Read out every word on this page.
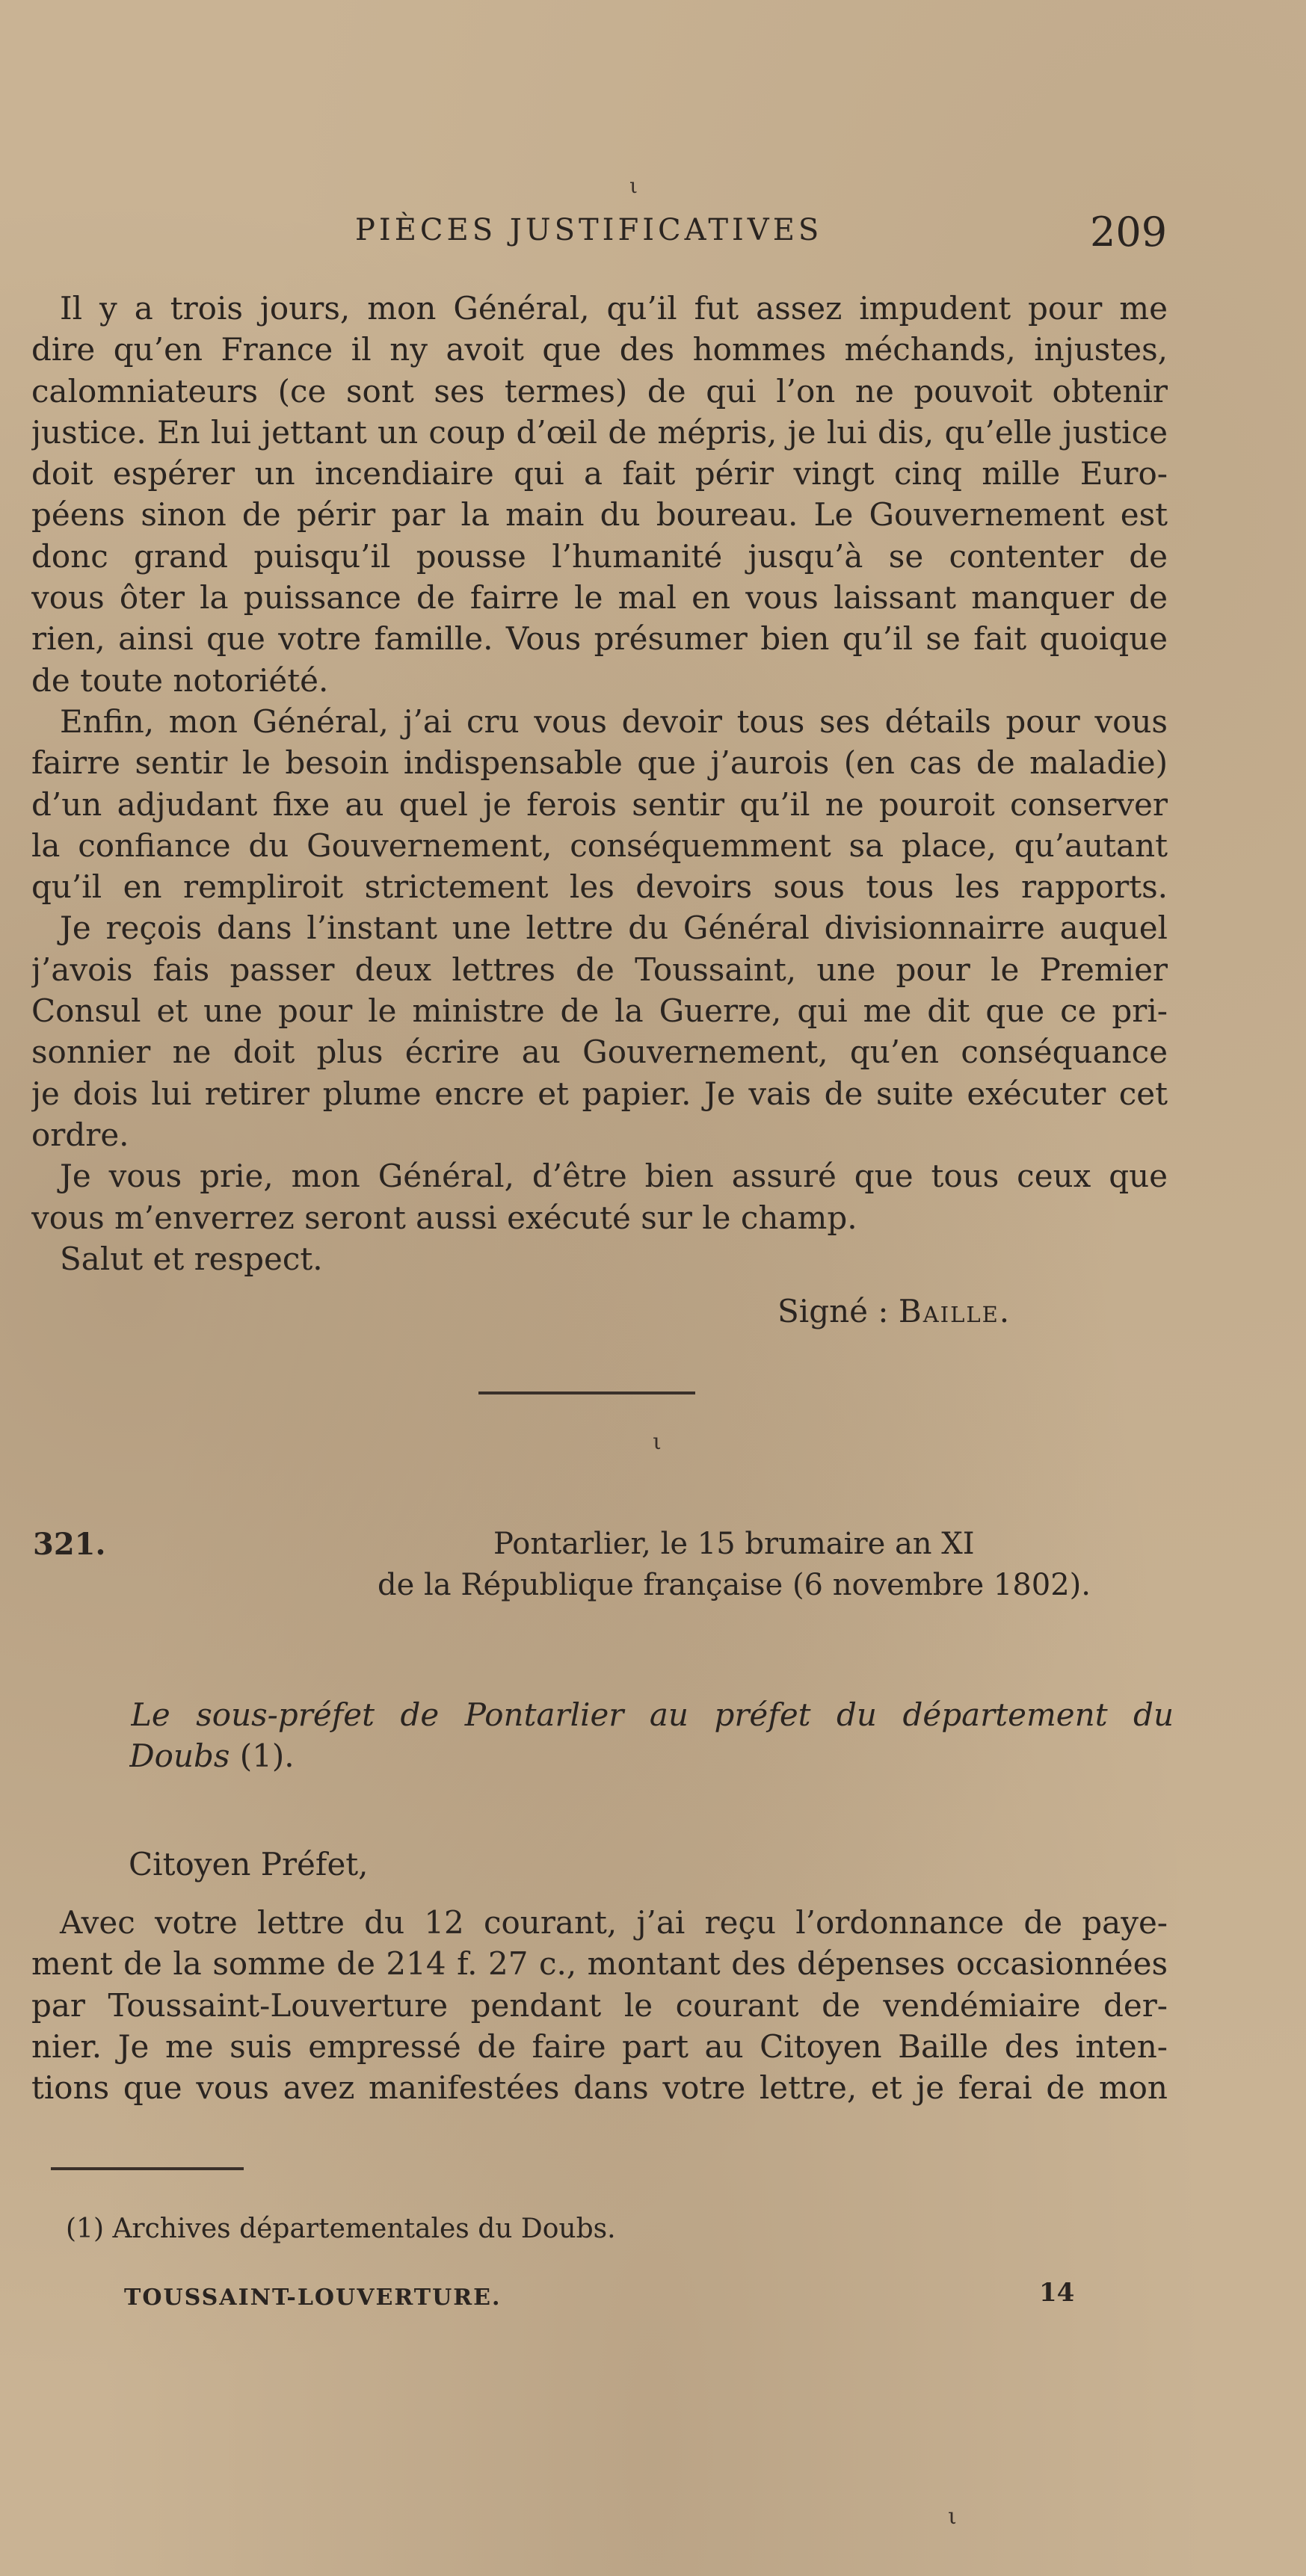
PIÈCES JUSTIFICATIVES	209
Il y a trois jours, mon Général, qu’il fut assez impudent pour me
dire qu’en France il ny avoit que des hommes méchands, injustes,
calomniateurs (ce sont ses termes) de qui l’on ne pouvoit obtenir
justice. En lui jettant un coup d’œil de mépris, je lui dis, qu’elle justice
doit espérer un incendiaire qui a fait périr vingt cinq mille Euro-
péens sinon de périr par la main du boureau. Le Gouvernement est
donc grand puisqu’il pousse l’humanité jusqu’à se contenter de
vous ôter la puissance de fairre le mal en vous laissant manquer de
rien, ainsi que votre famille. Vous présumer bien qu’il se fait quoique
de toute notoriété.
Enfin, mon Général, j’ai cru vous devoir tous ses détails pour vous
fairre sentir le besoin indispensable que j’aurois (en cas de maladie)
d’un adjudant fixe au quel je ferois sentir qu’il ne pouroit conserver
la confiance du Gouvernement, conséquemment sa place, qu’autant
qu’il en rempliroit strictement les devoirs sous tous les rapports.
Je reçois dans l’instant une lettre du Général divisionnairre auquel
j’avois fais passer deux lettres de Toussaint, une pour le Premier
Consul et une pour le ministre de la Guerre, qui me dit que ce pri-
sonnier ne doit plus écrire au Gouvernement, qu’en conséquance
je dois lui retirer plume encre et papier. Je vais de suite exécuter cet
ordre.
Je vous prie, mon Général, d’être bien assuré que tous ceux que
vous m’enverrez seront aussi exécuté sur le champ.
Salut et respect.
Signé : Baille.
321.	Pontarlier, le 15 brumaire an XI
de la République française (6 novembre 1802).
Le sous-préfet de Pontarlier au préfet du département du
Doubs (1).
Citoyen Préfet,
Avec votre lettre du 12 courant, j’ai reçu l’ordonnance de paye-
ment de la somme de 214 f. 27 c., montant des dépenses occasionnées
par Toussaint-Louverture pendant le courant de vendémiaire der-
nier. Je me suis empressé de faire part au Citoyen Baille des inten-
tions que vous avez manifestées dans votre lettre, et je ferai de mon
(1) Archives départementales du Doubs.
TOUSSAINT-LOUVERTURE.	14
ι
ι
ι
